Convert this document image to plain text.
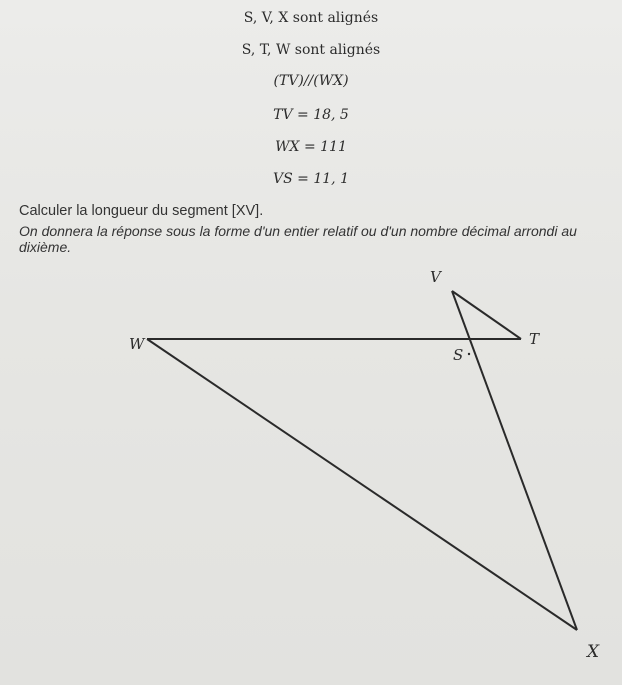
S, V, X sont alignés
S, T, W sont alignés
(TV)//(WX)
TV = 18, 5
WX = 111
VS = 11, 1
Calculer la longueur du segment [XV].
On donnera la réponse sous la forme d'un entier relatif ou d'un nombre décimal arrondi au dixième.
V
W	T
S
X
